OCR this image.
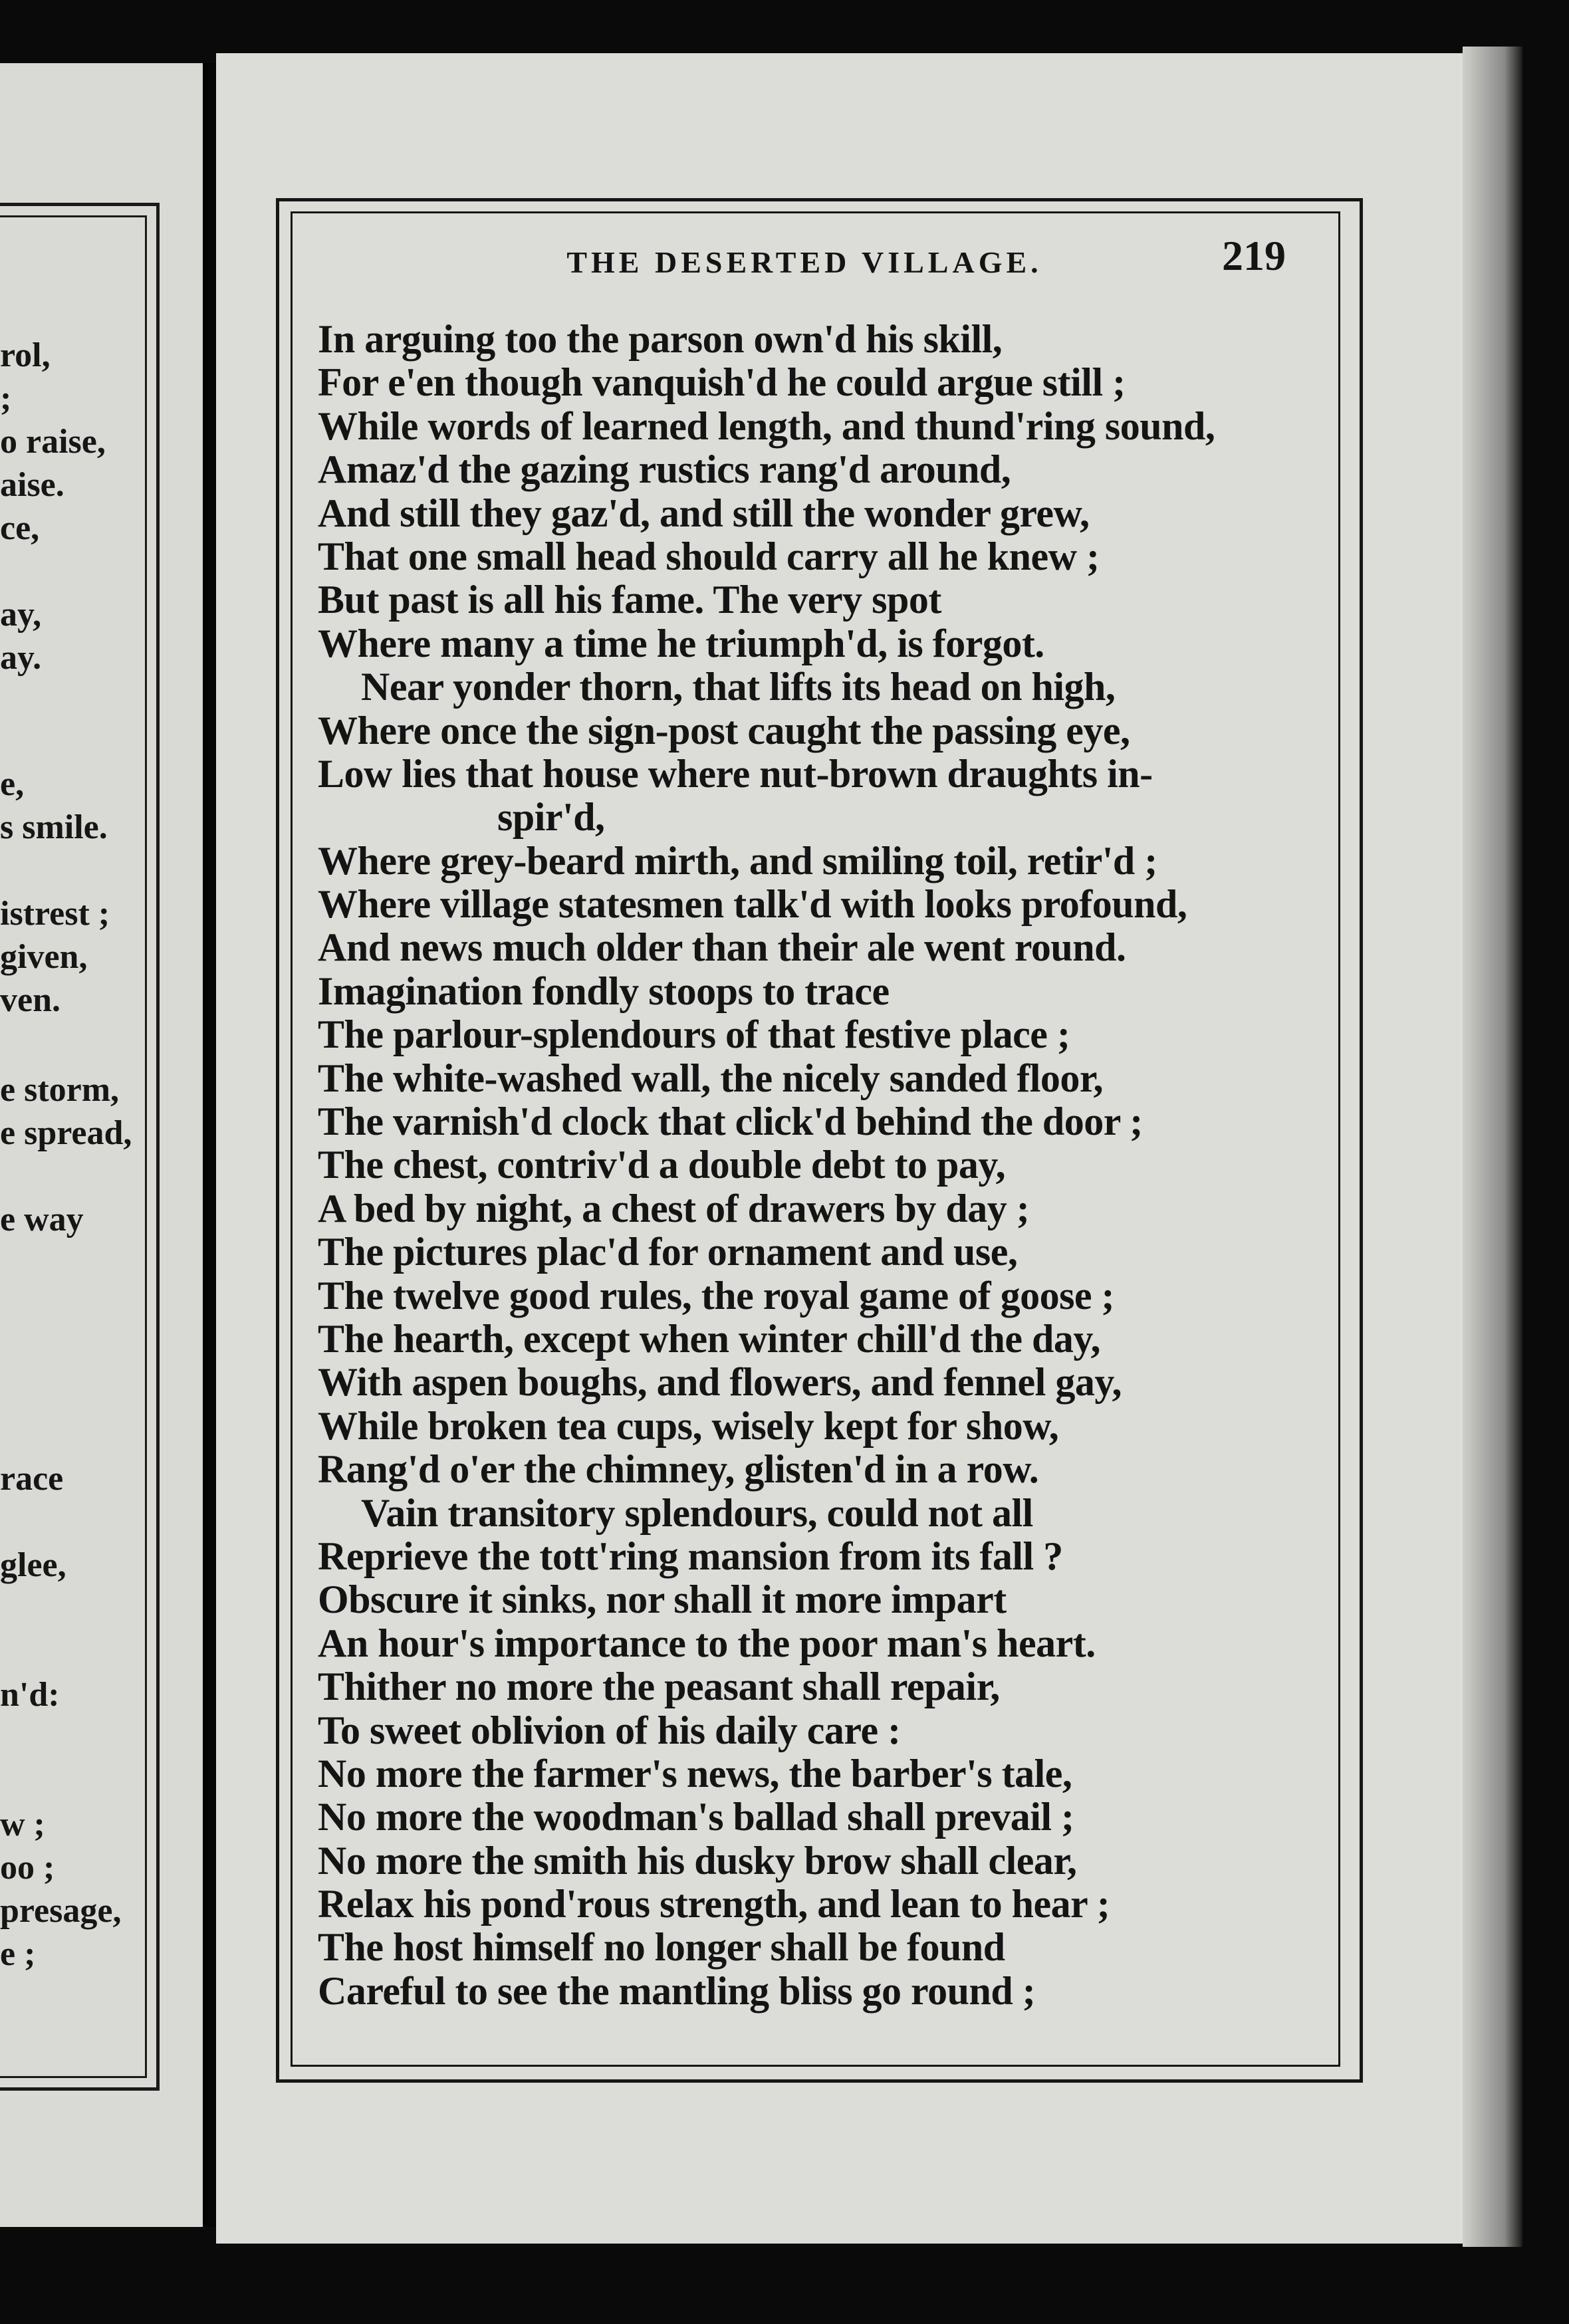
rol,
;
o raise,
aise.
ce,
ay,
ay.
e,
s smile.
istrest ;
given,
ven.
e storm,
e spread,
e way
race
glee,
n'd:
w ;
oo ;
presage,
e ;
THE DESERTED VILLAGE.	219
In arguing too the parson own'd his skill,
For e'en though vanquish'd he could argue still ;
While words of learned length, and thund'ring sound,
Amaz'd the gazing rustics rang'd around,
And still they gaz'd, and still the wonder grew,
That one small head should carry all he knew ;
But past is all his fame. The very spot
Where many a time he triumph'd, is forgot.
Near yonder thorn, that lifts its head on high,
Where once the sign-post caught the passing eye,
Low lies that house where nut-brown draughts in-
spir'd,
Where grey-beard mirth, and smiling toil, retir'd ;
Where village statesmen talk'd with looks profound,
And news much older than their ale went round.
Imagination fondly stoops to trace
The parlour-splendours of that festive place ;
The white-washed wall, the nicely sanded floor,
The varnish'd clock that click'd behind the door ;
The chest, contriv'd a double debt to pay,
A bed by night, a chest of drawers by day ;
The pictures plac'd for ornament and use,
The twelve good rules, the royal game of goose ;
The hearth, except when winter chill'd the day,
With aspen boughs, and flowers, and fennel gay,
While broken tea cups, wisely kept for show,
Rang'd o'er the chimney, glisten'd in a row.
Vain transitory splendours, could not all
Reprieve the tott'ring mansion from its fall ?
Obscure it sinks, nor shall it more impart
An hour's importance to the poor man's heart.
Thither no more the peasant shall repair,
To sweet oblivion of his daily care :
No more the farmer's news, the barber's tale,
No more the woodman's ballad shall prevail ;
No more the smith his dusky brow shall clear,
Relax his pond'rous strength, and lean to hear ;
The host himself no longer shall be found
Careful to see the mantling bliss go round ;
